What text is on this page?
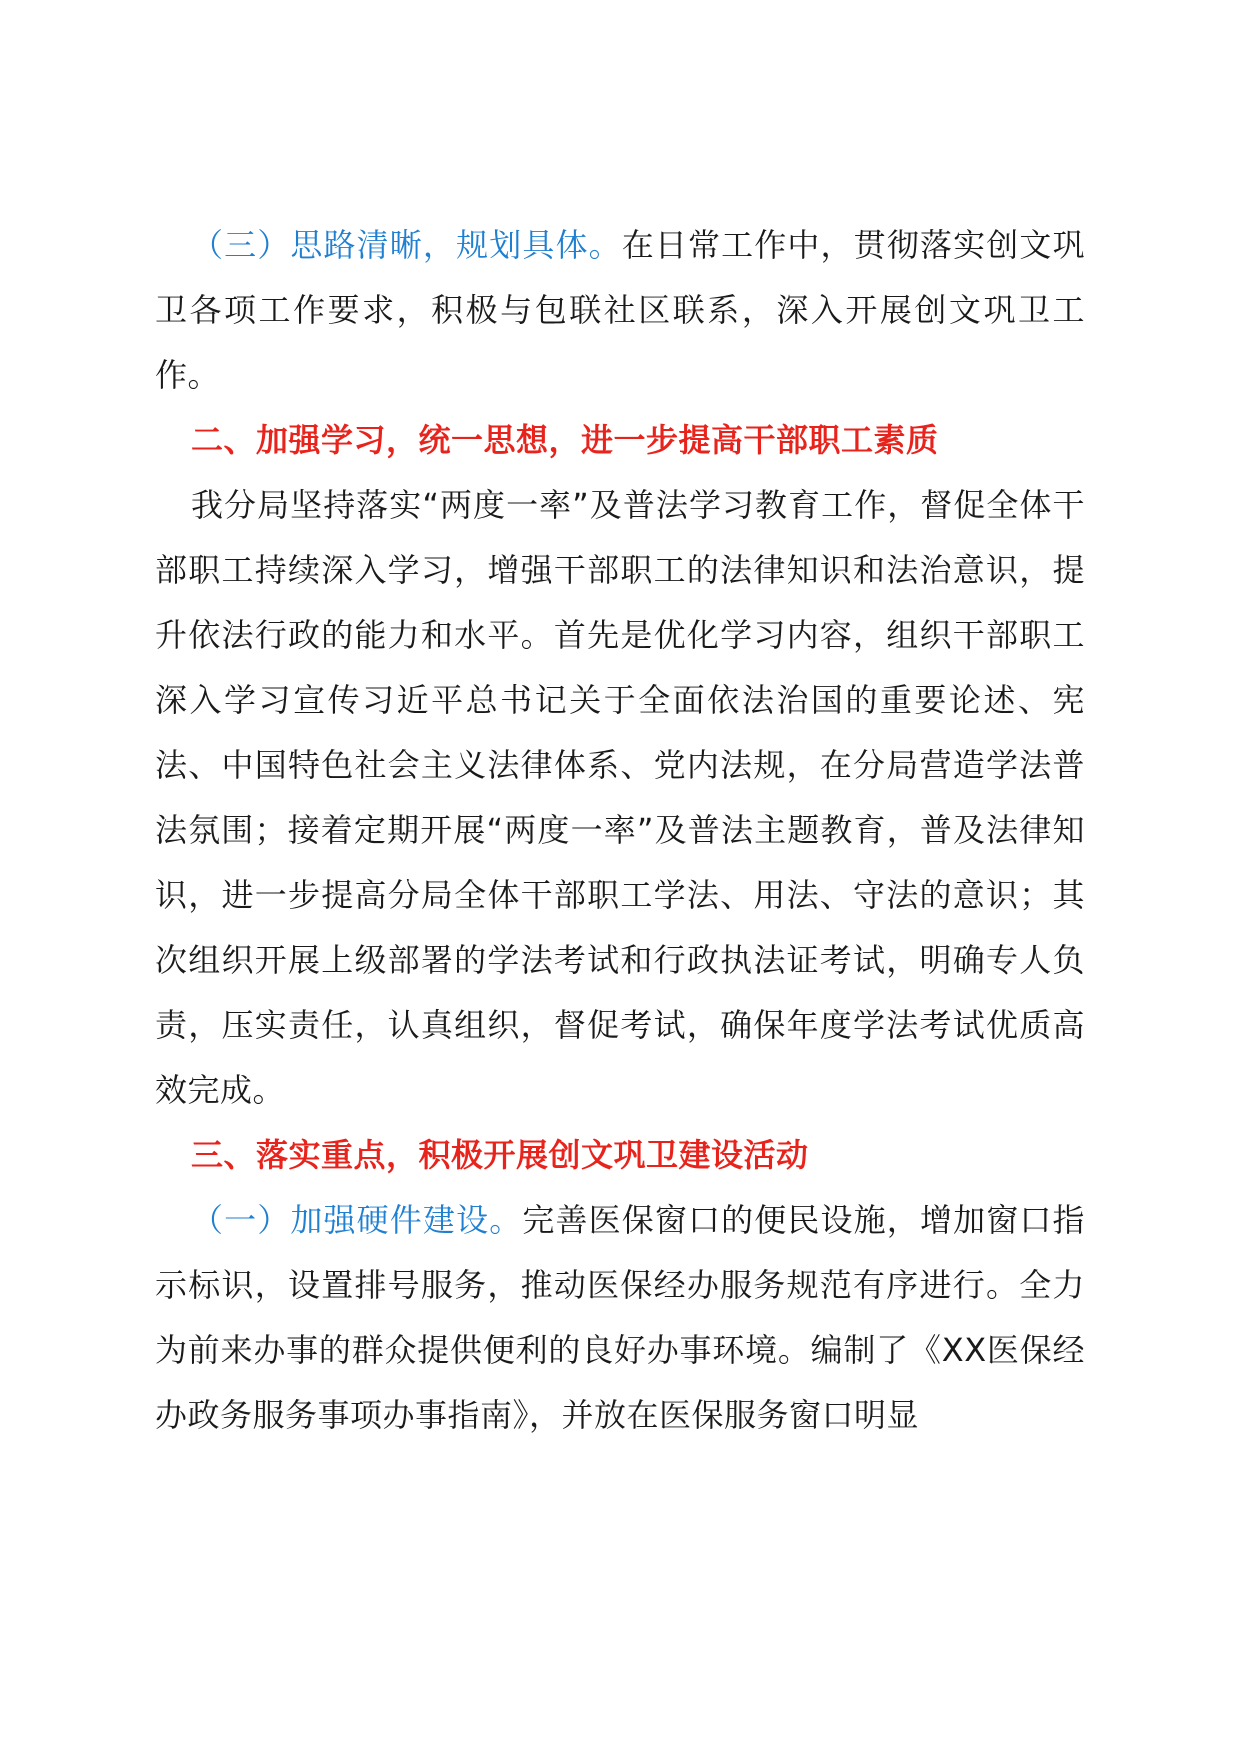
（三）思路清晰，规划具体。在日常工作中，贯彻落实创文巩卫各项工作要求，积极与包联社区联系，深入开展创文巩卫工作。

二、加强学习，统一思想，进一步提高干部职工素质

我分局坚持落实“两度一率”及普法学习教育工作，督促全体干部职工持续深入学习，增强干部职工的法律知识和法治意识，提升依法行政的能力和水平。首先是优化学习内容，组织干部职工深入学习宣传习近平总书记关于全面依法治国的重要论述、宪法、中国特色社会主义法律体系、党内法规，在分局营造学法普法氛围；接着定期开展“两度一率”及普法主题教育，普及法律知识，进一步提高分局全体干部职工学法、用法、守法的意识；其次组织开展上级部署的学法考试和行政执法证考试，明确专人负责，压实责任，认真组织，督促考试，确保年度学法考试优质高效完成。

三、落实重点，积极开展创文巩卫建设活动

（一）加强硬件建设。完善医保窗口的便民设施，增加窗口指示标识，设置排号服务，推动医保经办服务规范有序进行。全力为前来办事的群众提供便利的良好办事环境。编制了《XX医保经办政务服务事项办事指南》，并放在医保服务窗口明显
